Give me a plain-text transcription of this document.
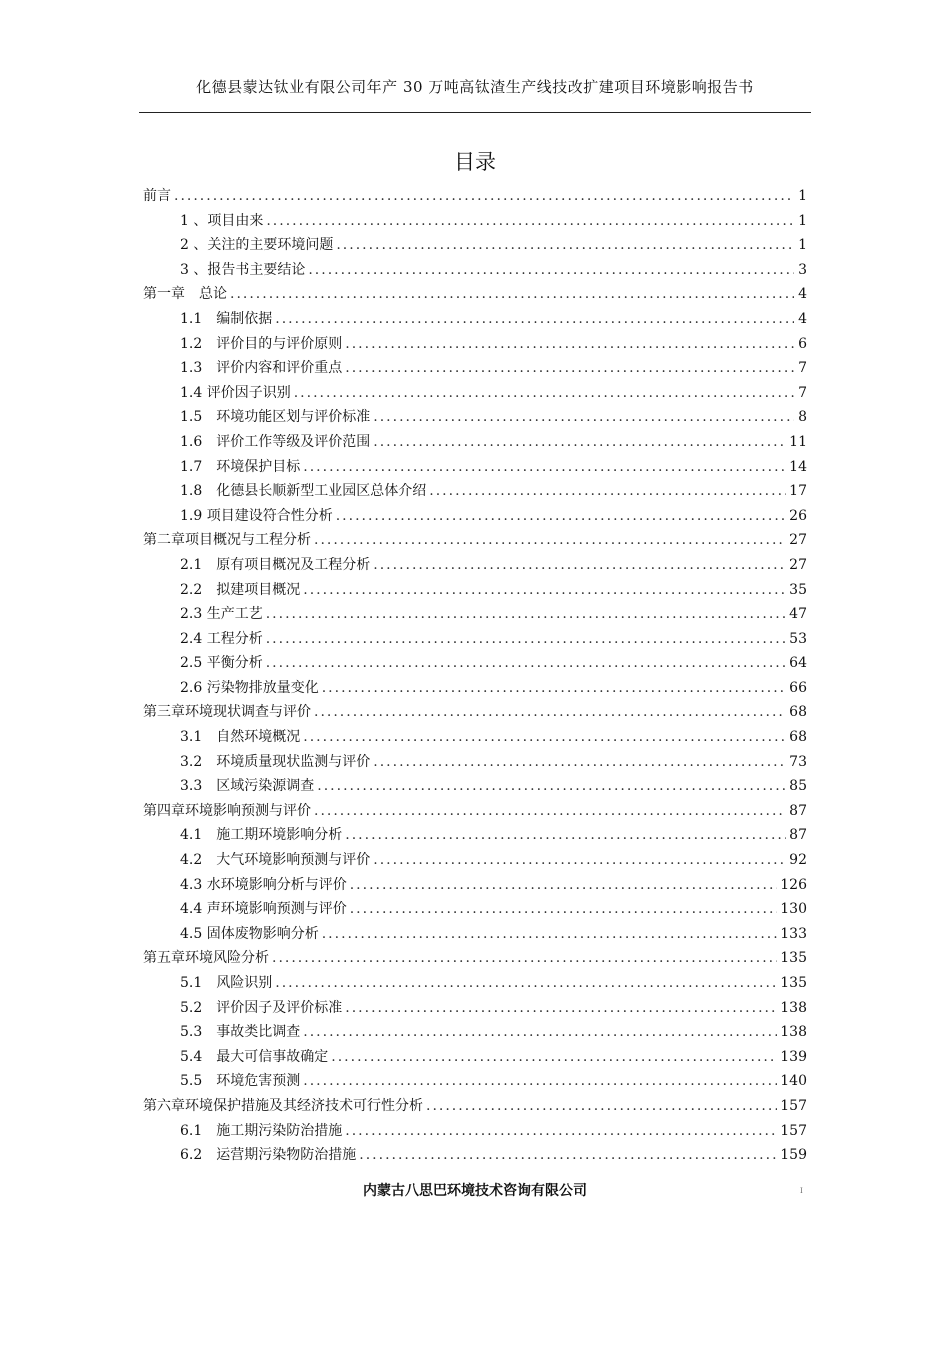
化德县蒙达钛业有限公司年产 30 万吨高钛渣生产线技改扩建项目环境影响报告书
目录
前言 .....	1
1 、项目由来 .....	1
2 、关注的主要环境问题 .....	1
3 、报告书主要结论 .....	3
第一章　总论 .....	4
1.1　编制依据 .....	4
1.2　评价目的与评价原则 .....	6
1.3　评价内容和评价重点 .....	7
1.4 评价因子识别 .....	7
1.5　环境功能区划与评价标准 .....	8
1.6　评价工作等级及评价范围 .....	11
1.7　环境保护目标 .....	14
1.8　化德县长顺新型工业园区总体介绍 .....	17
1.9 项目建设符合性分析 .....	26
第二章项目概况与工程分析 .....	27
2.1　原有项目概况及工程分析 .....	27
2.2　拟建项目概况 .....	35
2.3 生产工艺 .....	47
2.4 工程分析 .....	53
2.5 平衡分析 .....	64
2.6 污染物排放量变化 .....	66
第三章环境现状调查与评价 .....	68
3.1　自然环境概况 .....	68
3.2　环境质量现状监测与评价 .....	73
3.3　区域污染源调查 .....	85
第四章环境影响预测与评价 .....	87
4.1　施工期环境影响分析 .....	87
4.2　大气环境影响预测与评价 .....	92
4.3 水环境影响分析与评价 .....	126
4.4 声环境影响预测与评价 .....	130
4.5 固体废物影响分析 .....	133
第五章环境风险分析 .....	135
5.1　风险识别 .....	135
5.2　评价因子及评价标准 .....	138
5.3　事故类比调查 .....	138
5.4　最大可信事故确定 .....	139
5.5　环境危害预测 .....	140
第六章环境保护措施及其经济技术可行性分析 .....	157
6.1　施工期污染防治措施 .....	157
6.2　运营期污染物防治措施 .....	159
内蒙古八思巴环境技术咨询有限公司	I
